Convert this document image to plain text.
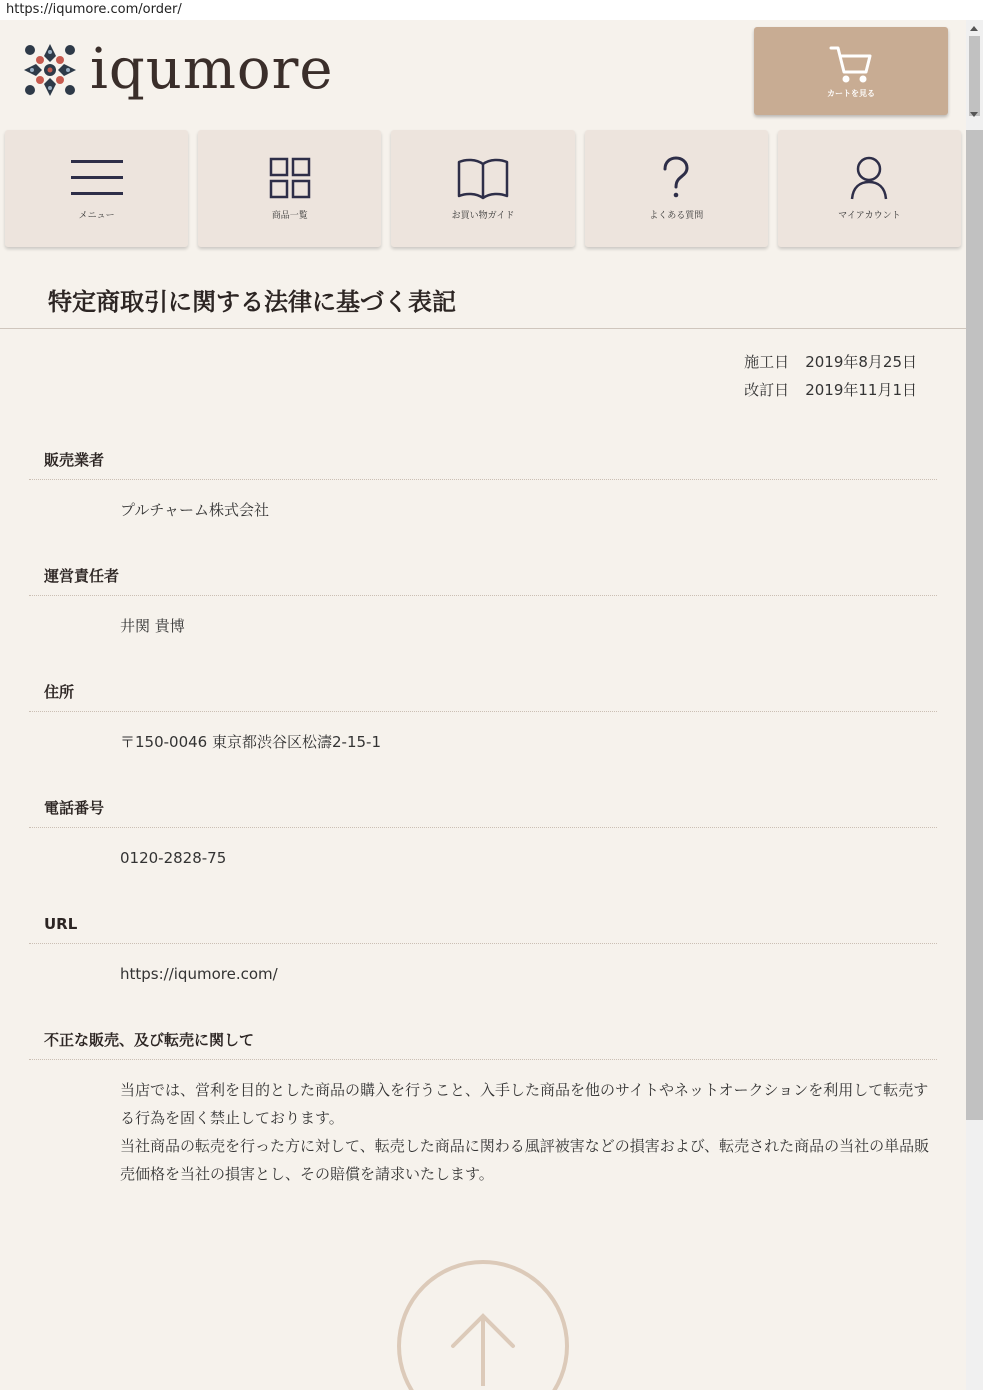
https://iqumore.com/order/
iqumore	カートを見る
メニュー	商品一覧	お買い物ガイド	よくある質問	マイアカウント
特定商取引に関する法律に基づく表記
施工日 2019年8月25日
改訂日 2019年11月1日
販売業者
プルチャーム株式会社
運営責任者
井関 貴博
住所
〒150-0046 東京都渋谷区松濤2-15-1
電話番号
0120-2828-75
URL
https://iqumore.com/
不正な販売、及び転売に関して
当店では、営利を目的とした商品の購入を行うこと、入手した商品を他のサイトやネットオークションを利用して転売する行為を固く禁止しております。
当社商品の転売を行った方に対して、転売した商品に関わる風評被害などの損害および、転売された商品の当社の単品販売価格を当社の損害とし、その賠償を請求いたします。
